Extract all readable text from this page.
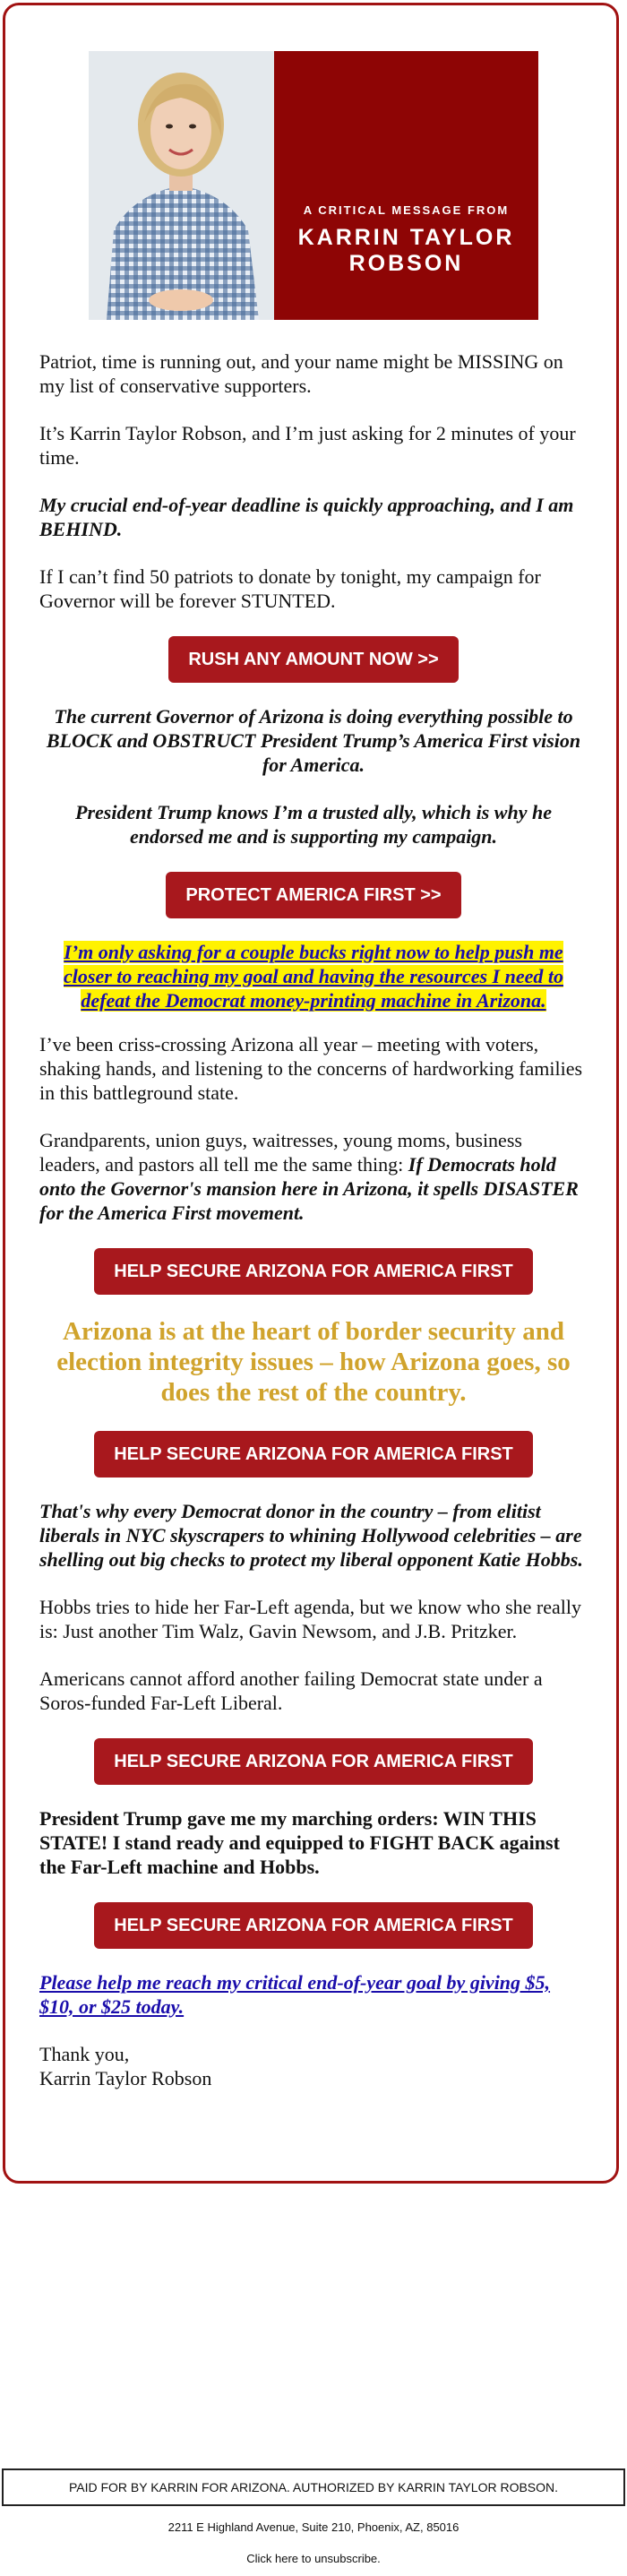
A CRITICAL MESSAGE FROM
KARRIN TAYLOR
ROBSON

Patriot, time is running out, and your name might be MISSING on my list of conservative supporters.

It’s Karrin Taylor Robson, and I’m just asking for 2 minutes of your time.

My crucial end-of-year deadline is quickly approaching, and I am BEHIND.

If I can’t find 50 patriots to donate by tonight, my campaign for Governor will be forever STUNTED.

RUSH ANY AMOUNT NOW >>

The current Governor of Arizona is doing everything possible to BLOCK and OBSTRUCT President Trump’s America First vision for America.

President Trump knows I’m a trusted ally, which is why he endorsed me and is supporting my campaign.

PROTECT AMERICA FIRST >>

I’m only asking for a couple bucks right now to help push me closer to reaching my goal and having the resources I need to defeat the Democrat money-printing machine in Arizona.

I’ve been criss-crossing Arizona all year – meeting with voters, shaking hands, and listening to the concerns of hardworking families in this battleground state.

Grandparents, union guys, waitresses, young moms, business leaders, and pastors all tell me the same thing: If Democrats hold onto the Governor's mansion here in Arizona, it spells DISASTER for the America First movement.

HELP SECURE ARIZONA FOR AMERICA FIRST

Arizona is at the heart of border security and election integrity issues – how Arizona goes, so does the rest of the country.

HELP SECURE ARIZONA FOR AMERICA FIRST

That's why every Democrat donor in the country – from elitist liberals in NYC skyscrapers to whining Hollywood celebrities – are shelling out big checks to protect my liberal opponent Katie Hobbs.

Hobbs tries to hide her Far-Left agenda, but we know who she really is: Just another Tim Walz, Gavin Newsom, and J.B. Pritzker.

Americans cannot afford another failing Democrat state under a Soros-funded Far-Left Liberal.

HELP SECURE ARIZONA FOR AMERICA FIRST

President Trump gave me my marching orders: WIN THIS STATE! I stand ready and equipped to FIGHT BACK against the Far-Left machine and Hobbs.

HELP SECURE ARIZONA FOR AMERICA FIRST

Please help me reach my critical end-of-year goal by giving $5, $10, or $25 today.

Thank you,
Karrin Taylor Robson

PAID FOR BY KARRIN FOR ARIZONA. AUTHORIZED BY KARRIN TAYLOR ROBSON.
2211 E Highland Avenue, Suite 210, Phoenix, AZ, 85016
Click here to unsubscribe.
